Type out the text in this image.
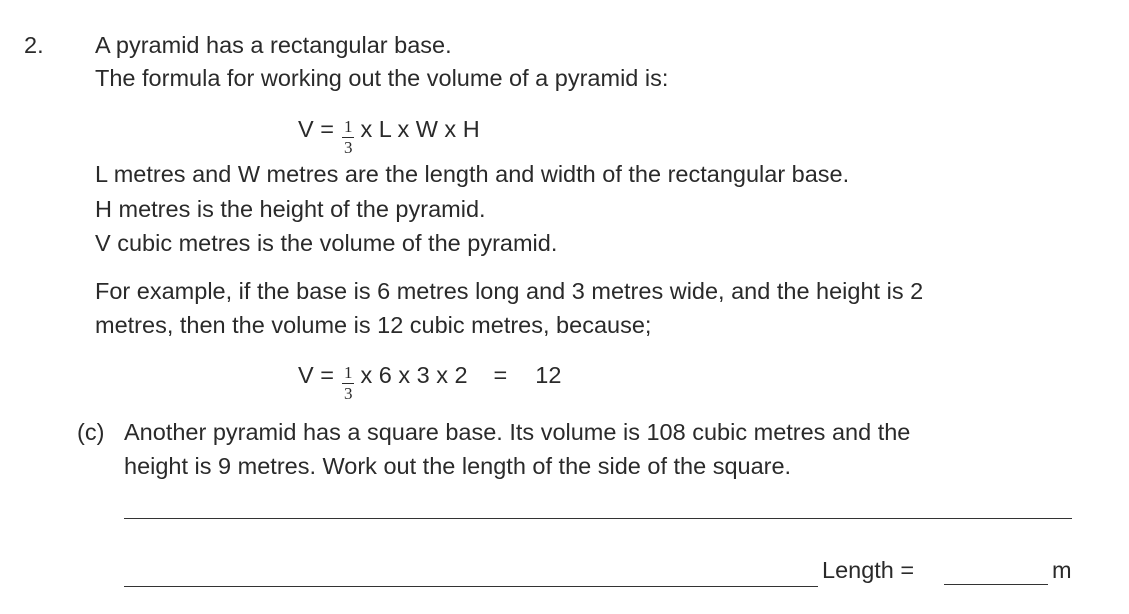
2. A pyramid has a rectangular base.
The formula for working out the volume of a pyramid is:
$V = \frac{1}{3}$ x L x W x H
L metres and W metres are the length and width of the rectangular base.
H metres is the height of the pyramid.
V cubic metres is the volume of the pyramid.
For example, if the base is 6 metres long and 3 metres wide, and the height is 2
metres, then the volume is 12 cubic metres, because;
$V = \frac{1}{3}$ x 6 x 3 x 2 = 12
(c) Another pyramid has a square base. Its volume is 108 cubic metres and the
height is 9 metres. Work out the length of the side of the square.
Length =	m
